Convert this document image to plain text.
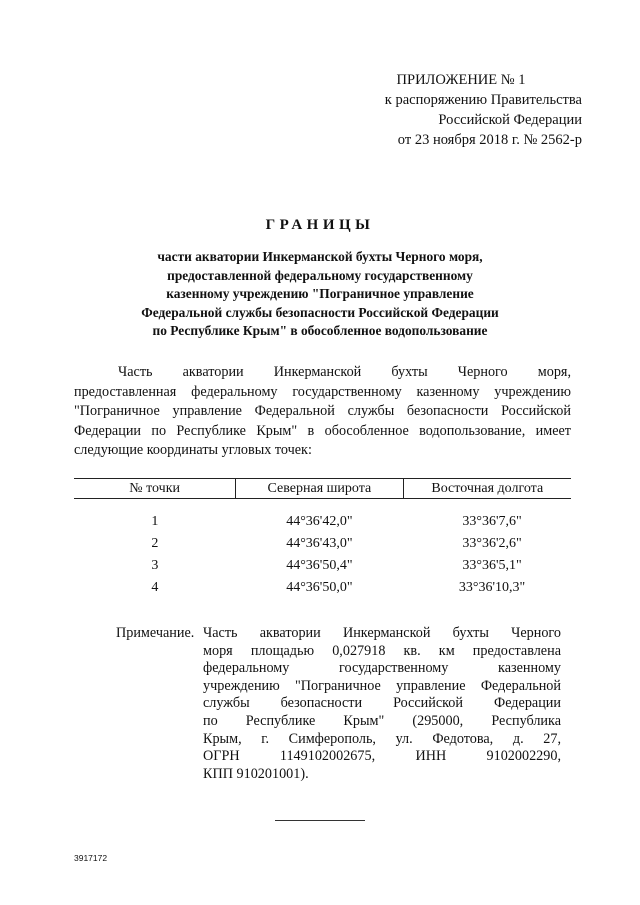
ПРИЛОЖЕНИЕ № 1
к распоряжению Правительства
Российской Федерации
от 23 ноября 2018 г. № 2562-р
ГРАНИЦЫ
части акватории Инкерманской бухты Черного моря,
предоставленной федеральному государственному
казенному учреждению "Пограничное управление
Федеральной службы безопасности Российской Федерации
по Республике Крым" в обособленное водопользование
Часть акватории Инкерманской бухты Черного моря,
предоставленная федеральному государственному казенному учреждению
"Пограничное управление Федеральной службы безопасности Российской
Федерации по Республике Крым" в обособленное водопользование, имеет
следующие координаты угловых точек:
№ точки	Северная широта	Восточная долгота

1	44°36'42,0"	33°36'7,6"
2	44°36'43,0"	33°36'2,6"
3	44°36'50,4"	33°36'5,1"
4	44°36'50,0"	33°36'10,3"
Примечание. Часть акватории Инкерманской бухты Черного
моря площадью 0,027918 кв. км предоставлена
федеральному государственному казенному
учреждению "Пограничное управление Федеральной
службы безопасности Российской Федерации
по Республике Крым" (295000, Республика
Крым, г. Симферополь, ул. Федотова, д. 27,
ОГРН 1149102002675, ИНН 9102002290,
КПП 910201001).
3917172
